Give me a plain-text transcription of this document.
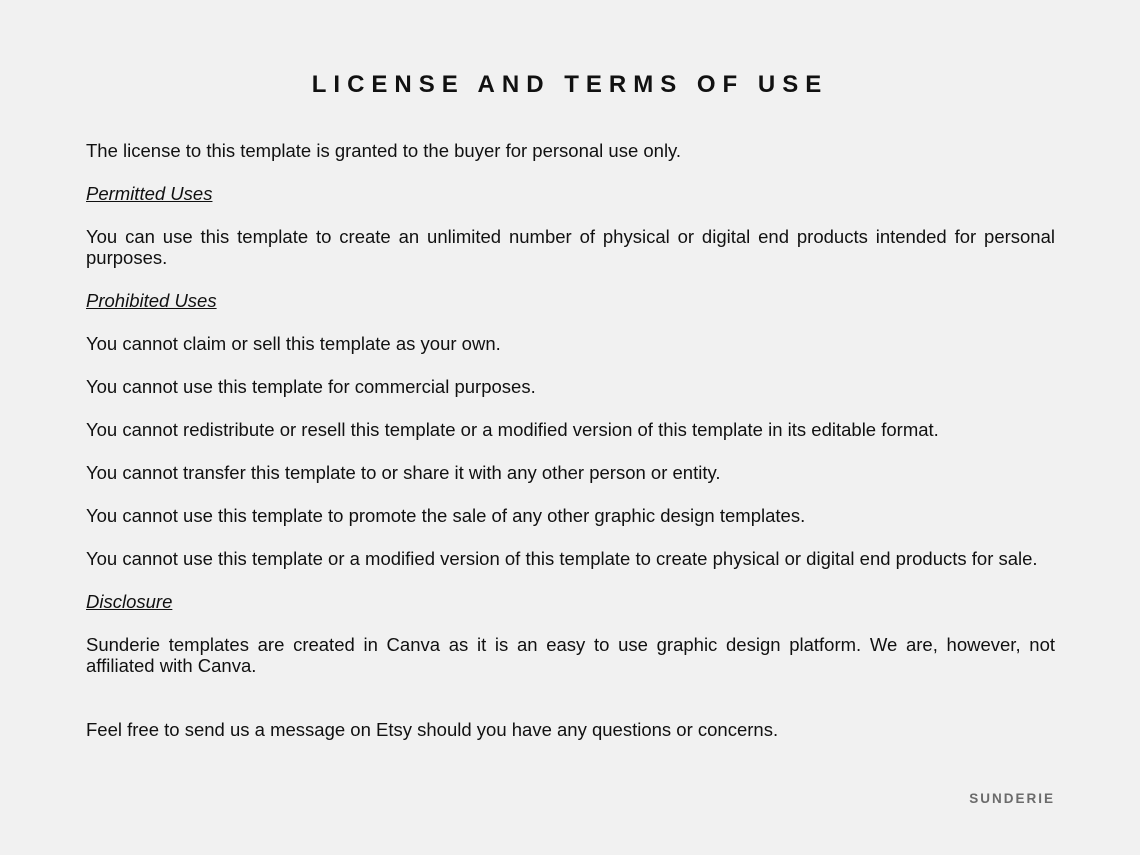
LICENSE AND TERMS OF USE

The license to this template is granted to the buyer for personal use only.

Permitted Uses

You can use this template to create an unlimited number of physical or digital end products intended for personal purposes.

Prohibited Uses

You cannot claim or sell this template as your own.

You cannot use this template for commercial purposes.

You cannot redistribute or resell this template or a modified version of this template in its editable format.

You cannot transfer this template to or share it with any other person or entity.

You cannot use this template to promote the sale of any other graphic design templates.

You cannot use this template or a modified version of this template to create physical or digital end products for sale.

Disclosure

Sunderie templates are created in Canva as it is an easy to use graphic design platform. We are, however, not affiliated with Canva.

Feel free to send us a message on Etsy should you have any questions or concerns.

SUNDERIE
